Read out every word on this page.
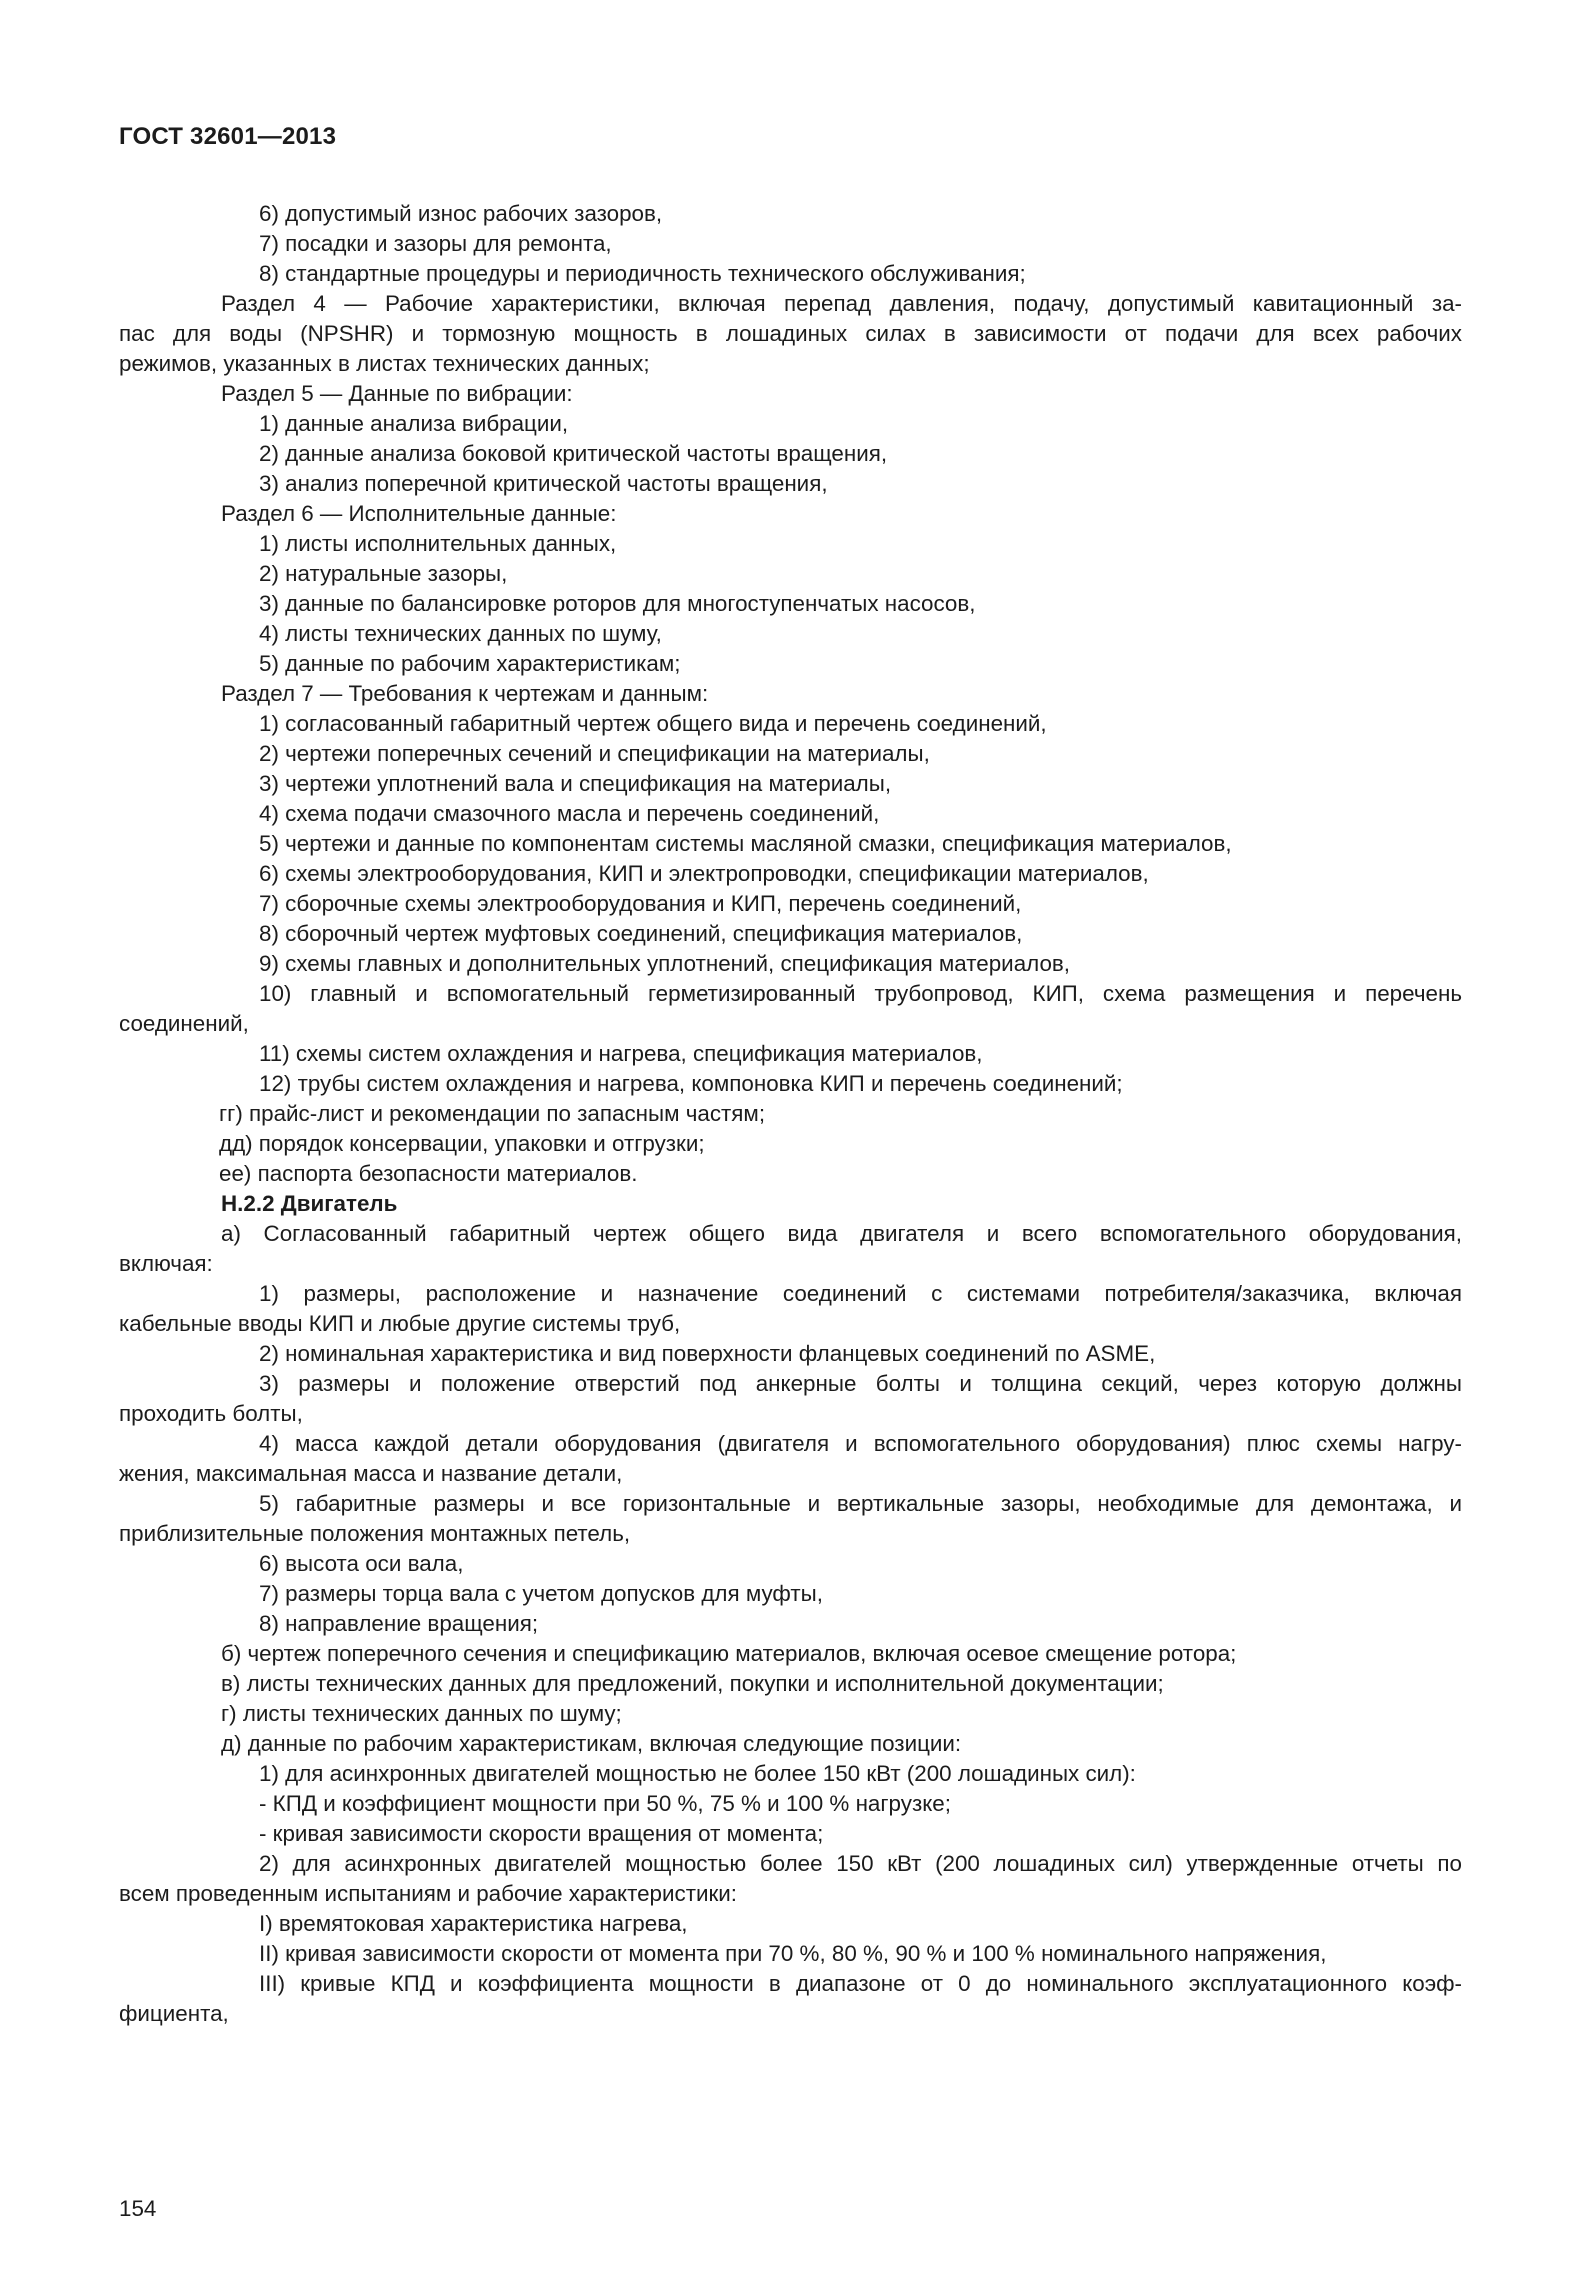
ГОСТ 32601—2013
6) допустимый износ рабочих зазоров,
7) посадки и зазоры для ремонта,
8) стандартные процедуры и периодичность технического обслуживания;
Раздел 4 — Рабочие характеристики, включая перепад давления, подачу, допустимый кавитационный за-
пас для воды (NPSHR) и тормозную мощность в лошадиных силах в зависимости от подачи для всех рабочих
режимов, указанных в листах технических данных;
Раздел 5 — Данные по вибрации:
1) данные анализа вибрации,
2) данные анализа боковой критической частоты вращения,
3) анализ поперечной критической частоты вращения,
Раздел 6 — Исполнительные данные:
1) листы исполнительных данных,
2) натуральные зазоры,
3) данные по балансировке роторов для многоступенчатых насосов,
4) листы технических данных по шуму,
5) данные по рабочим характеристикам;
Раздел 7 — Требования к чертежам и данным:
1) согласованный габаритный чертеж общего вида и перечень соединений,
2) чертежи поперечных сечений и спецификации на материалы,
3) чертежи уплотнений вала и спецификация на материалы,
4) схема подачи смазочного масла и перечень соединений,
5) чертежи и данные по компонентам системы масляной смазки, спецификация материалов,
6) схемы электрооборудования, КИП и электропроводки, спецификации материалов,
7) сборочные схемы электрооборудования и КИП, перечень соединений,
8) сборочный чертеж муфтовых соединений, спецификация материалов,
9) схемы главных и дополнительных уплотнений, спецификация материалов,
10) главный и вспомогательный герметизированный трубопровод, КИП, схема размещения и перечень
соединений,
11) схемы систем охлаждения и нагрева, спецификация материалов,
12) трубы систем охлаждения и нагрева, компоновка КИП и перечень соединений;
гг) прайс-лист и рекомендации по запасным частям;
дд) порядок консервации, упаковки и отгрузки;
ее) паспорта безопасности материалов.
Н.2.2 Двигатель
а) Согласованный габаритный чертеж общего вида двигателя и всего вспомогательного оборудования,
включая:
1) размеры, расположение и назначение соединений с системами потребителя/заказчика, включая
кабельные вводы КИП и любые другие системы труб,
2) номинальная характеристика и вид поверхности фланцевых соединений по ASME,
3) размеры и положение отверстий под анкерные болты и толщина секций, через которую должны
проходить болты,
4) масса каждой детали оборудования (двигателя и вспомогательного оборудования) плюс схемы нагру-
жения, максимальная масса и название детали,
5) габаритные размеры и все горизонтальные и вертикальные зазоры, необходимые для демонтажа, и
приблизительные положения монтажных петель,
6) высота оси вала,
7) размеры торца вала с учетом допусков для муфты,
8) направление вращения;
б) чертеж поперечного сечения и спецификацию материалов, включая осевое смещение ротора;
в) листы технических данных для предложений, покупки и исполнительной документации;
г) листы технических данных по шуму;
д) данные по рабочим характеристикам, включая следующие позиции:
1) для асинхронных двигателей мощностью не более 150 кВт (200 лошадиных сил):
- КПД и коэффициент мощности при 50 %, 75 % и 100 % нагрузке;
- кривая зависимости скорости вращения от момента;
2) для асинхронных двигателей мощностью более 150 кВт (200 лошадиных сил) утвержденные отчеты по
всем проведенным испытаниям и рабочие характеристики:
I) времятоковая характеристика нагрева,
II) кривая зависимости скорости от момента при 70 %, 80 %, 90 % и 100 % номинального напряжения,
III) кривые КПД и коэффициента мощности в диапазоне от 0 до номинального эксплуатационного коэф-
фициента,
154
